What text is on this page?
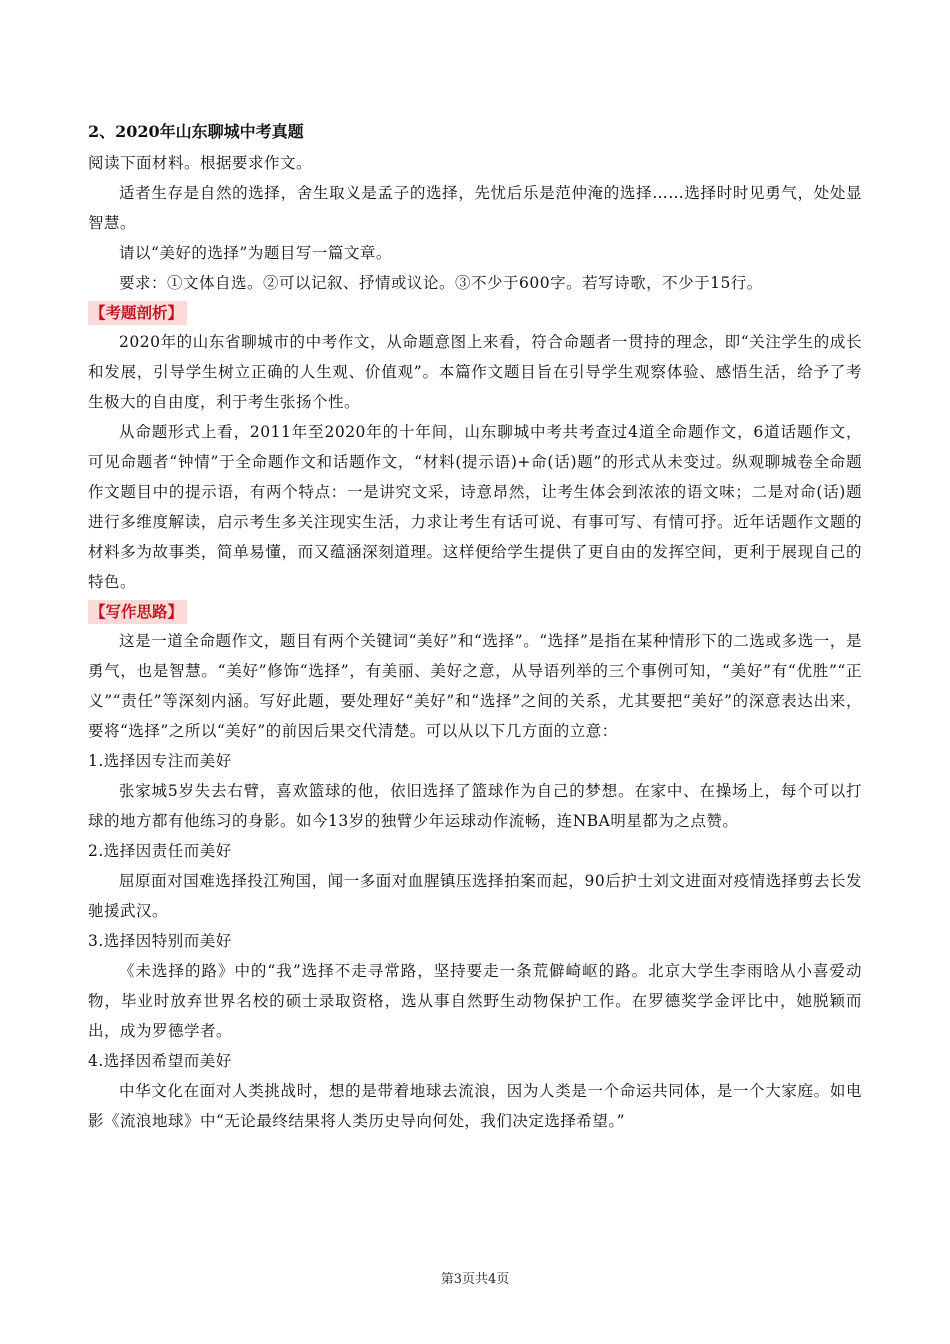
2、2020年山东聊城中考真题

阅读下面材料。根据要求作文。

适者生存是自然的选择，舍生取义是孟子的选择，先忧后乐是范仲淹的选择……选择时时见勇气，处处显智慧。

请以“美好的选择”为题目写一篇文章。

要求：①文体自选。②可以记叙、抒情或议论。③不少于600字。若写诗歌，不少于15行。

【考题剖析】

2020年的山东省聊城市的中考作文，从命题意图上来看，符合命题者一贯持的理念，即“关注学生的成长和发展，引导学生树立正确的人生观、价值观”。本篇作文题目旨在引导学生观察体验、感悟生活，给予了考生极大的自由度，利于考生张扬个性。

从命题形式上看，2011年至2020年的十年间，山东聊城中考共考查过4道全命题作文，6道话题作文，可见命题者“钟情”于全命题作文和话题作文，“材料(提示语)+命(话)题”的形式从未变过。纵观聊城卷全命题作文题目中的提示语，有两个特点：一是讲究文采，诗意昂然，让考生体会到浓浓的语文味；二是对命(话)题进行多维度解读，启示考生多关注现实生活，力求让考生有话可说、有事可写、有情可抒。近年话题作文题的材料多为故事类，简单易懂，而又蕴涵深刻道理。这样便给学生提供了更自由的发挥空间，更利于展现自己的特色。

【写作思路】

这是一道全命题作文，题目有两个关键词“美好”和“选择”。“选择”是指在某种情形下的二选或多选一，是勇气，也是智慧。“美好”修饰“选择”，有美丽、美好之意，从导语列举的三个事例可知，“美好”有“优胜”“正义”“责任”等深刻内涵。写好此题，要处理好“美好”和“选择”之间的关系，尤其要把“美好”的深意表达出来，要将“选择”之所以“美好”的前因后果交代清楚。可以从以下几方面的立意：

1.选择因专注而美好

张家城5岁失去右臂，喜欢篮球的他，依旧选择了篮球作为自己的梦想。在家中、在操场上，每个可以打球的地方都有他练习的身影。如今13岁的独臂少年运球动作流畅，连NBA明星都为之点赞。

2.选择因责任而美好

屈原面对国难选择投江殉国，闻一多面对血腥镇压选择拍案而起，90后护士刘文进面对疫情选择剪去长发驰援武汉。

3.选择因特别而美好

《未选择的路》中的“我”选择不走寻常路，坚持要走一条荒僻崎岖的路。北京大学生李雨晗从小喜爱动物，毕业时放弃世界名校的硕士录取资格，选从事自然野生动物保护工作。在罗德奖学金评比中，她脱颖而出，成为罗德学者。

4.选择因希望而美好

中华文化在面对人类挑战时，想的是带着地球去流浪，因为人类是一个命运共同体，是一个大家庭。如电影《流浪地球》中“无论最终结果将人类历史导向何处，我们决定选择希望。”

第3页共4页
